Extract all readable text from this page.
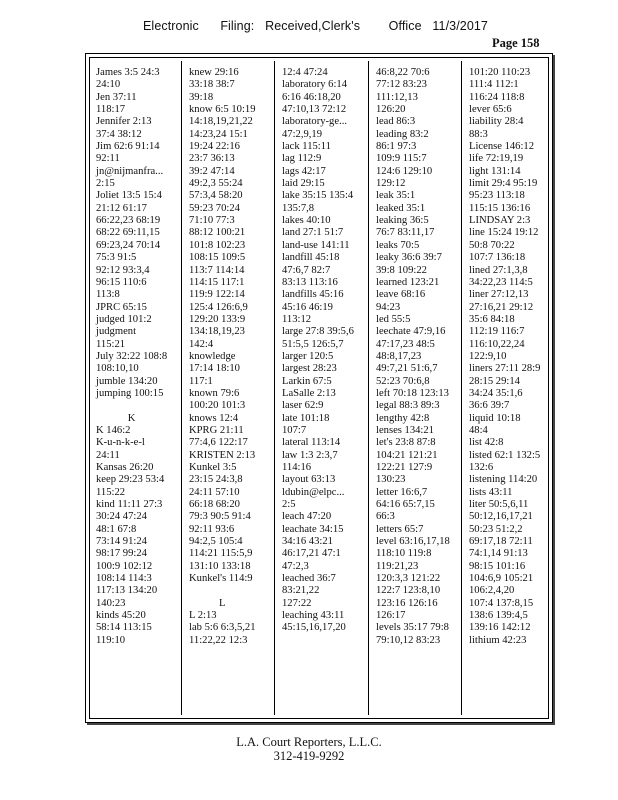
Electronic      Filing:   Received,Clerk's        Office   11/3/2017
Page 158
James 3:5 24:3
24:10
Jen 37:11
118:17
Jennifer 2:13
37:4 38:12
Jim 62:6 91:14
92:11
jn@nijmanfra...
2:15
Joliet 13:5 15:4
21:12 61:17
66:22,23 68:19
68:22 69:11,15
69:23,24 70:14
75:3 91:5
92:12 93:3,4
96:15 110:6
113:8
JPRC 65:15
judged 101:2
judgment
115:21
July 32:22 108:8
108:10,10
jumble 134:20
jumping 100:15

K
K 146:2
K-u-n-k-e-l
24:11
Kansas 26:20
keep 29:23 53:4
115:22
kind 11:11 27:3
30:24 47:24
48:1 67:8
73:14 91:24
98:17 99:24
100:9 102:12
108:14 114:3
117:13 134:20
140:23
kinds 45:20
58:14 113:15
119:10
knew 29:16
33:18 38:7
39:18
know 6:5 10:19
14:18,19,21,22
14:23,24 15:1
19:24 22:16
23:7 36:13
39:2 47:14
49:2,3 55:24
57:3,4 58:20
59:23 70:24
71:10 77:3
88:12 100:21
101:8 102:23
108:15 109:5
113:7 114:14
114:15 117:1
119:9 122:14
125:4 126:6,9
129:20 133:9
134:18,19,23
142:4
knowledge
17:14 18:10
117:1
known 79:6
100:20 101:3
knows 12:4
KPRG 21:11
77:4,6 122:17
KRISTEN 2:13
Kunkel 3:5
23:15 24:3,8
24:11 57:10
66:18 68:20
79:3 90:5 91:4
92:11 93:6
94:2,5 105:4
114:21 115:5,9
131:10 133:18
Kunkel's 114:9

L
L 2:13
lab 5:6 6:3,5,21
11:22,22 12:3
12:4 47:24
laboratory 6:14
6:16 46:18,20
47:10,13 72:12
laboratory-ge...
47:2,9,19
lack 115:11
lag 112:9
lags 42:17
laid 29:15
lake 35:15 135:4
135:7,8
lakes 40:10
land 27:1 51:7
land-use 141:11
landfill 45:18
47:6,7 82:7
83:13 113:16
landfills 45:16
45:16 46:19
113:12
large 27:8 39:5,6
51:5,5 126:5,7
larger 120:5
largest 28:23
Larkin 67:5
LaSalle 2:13
laser 62:9
late 101:18
107:7
lateral 113:14
law 1:3 2:3,7
114:16
layout 63:13
ldubin@elpc...
2:5
leach 47:20
leachate 34:15
34:16 43:21
46:17,21 47:1
47:2,3
leached 36:7
83:21,22
127:22
leaching 43:11
45:15,16,17,20
46:8,22 70:6
77:12 83:23
111:12,13
126:20
lead 86:3
leading 83:2
86:1 97:3
109:9 115:7
124:6 129:10
129:12
leak 35:1
leaked 35:1
leaking 36:5
76:7 83:11,17
leaks 70:5
leaky 36:6 39:7
39:8 109:22
learned 123:21
leave 68:16
94:23
led 55:5
leechate 47:9,16
47:17,23 48:5
48:8,17,23
49:7,21 51:6,7
52:23 70:6,8
left 70:18 123:13
legal 88:3 89:3
lengthy 42:8
lenses 134:21
let's 23:8 87:8
104:21 121:21
122:21 127:9
130:23
letter 16:6,7
64:16 65:7,15
66:3
letters 65:7
level 63:16,17,18
118:10 119:8
119:21,23
120:3,3 121:22
122:7 123:8,10
123:16 126:16
126:17
levels 35:17 79:8
79:10,12 83:23
101:20 110:23
111:4 112:1
116:24 118:8
lever 65:6
liability 28:4
88:3
License 146:12
life 72:19,19
light 131:14
limit 29:4 95:19
95:23 113:18
115:15 136:16
LINDSAY 2:3
line 15:24 19:12
50:8 70:22
107:7 136:18
lined 27:1,3,8
34:22,23 114:5
liner 27:12,13
27:16,21 29:12
35:6 84:18
112:19 116:7
116:10,22,24
122:9,10
liners 27:11 28:9
28:15 29:14
34:24 35:1,6
36:6 39:7
liquid 10:18
48:4
list 42:8
listed 62:1 132:5
132:6
listening 114:20
lists 43:11
liter 50:5,6,11
50:12,16,17,21
50:23 51:2,2
69:17,18 72:11
74:1,14 91:13
98:15 101:16
104:6,9 105:21
106:2,4,20
107:4 137:8,15
138:6 139:4,5
139:16 142:12
lithium 42:23
L.A. Court Reporters, L.L.C.
312-419-9292
